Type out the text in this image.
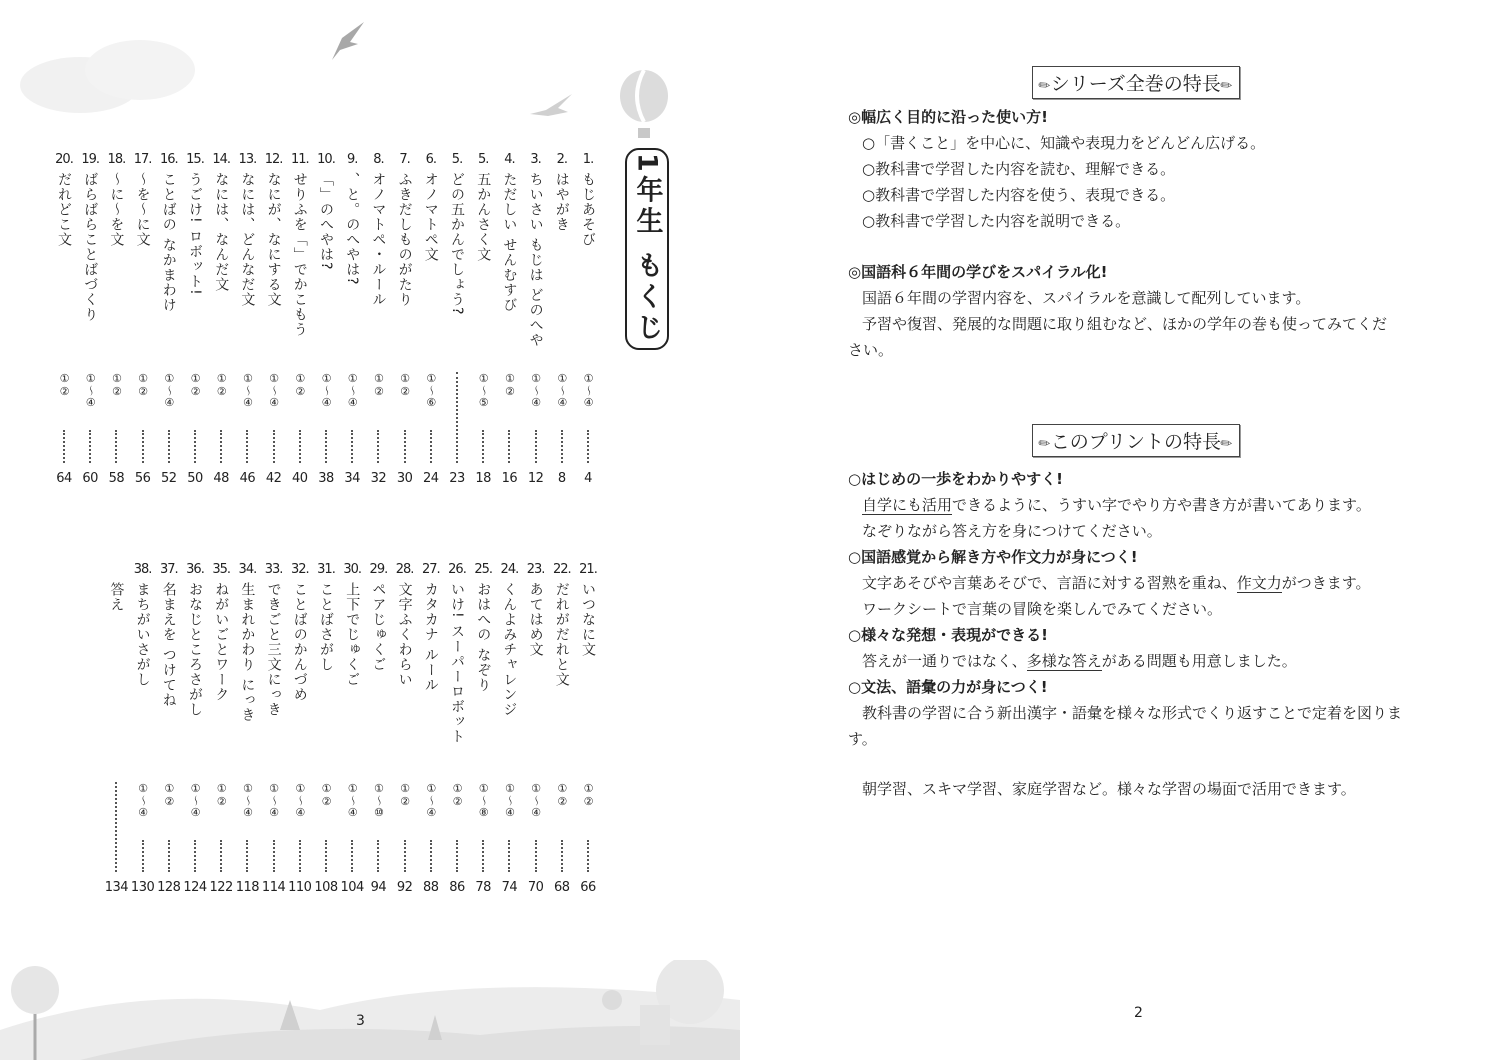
1年生 もくじ
1.
もじあそび
①〜④
4
2.
はやがき
①〜④
8
3.
ちいさい もじは どのへや
①〜④
12
4.
ただしい せんむすび
①②
16
5.
五かんさく文
①〜⑤
18
5.
どの五かんでしょう?
23
6.
オノマトペ文
①〜⑥
24
7.
ふきだしものがたり
①②
30
8.
オノマトペ・ルール
①②
32
9.
、と。のへやは?
①〜④
34
10.
「」のへやは?
①〜④
38
11.
せりふを「」でかこもう
①②
40
12.
なにが、なにする文
①〜④
42
13.
なには、どんなだ文
①〜④
46
14.
なには、なんだ文
①②
48
15.
うごけ! ロボット!
①②
50
16.
ことばの なかまわけ
①〜④
52
17.
〜を〜に文
①②
56
18.
〜に〜を文
①②
58
19.
ばらばらことばづくり
①〜④
60
20.
だれどこ文
①②
64
21.
いつなに文
①②
66
22.
だれがだれと文
①②
68
23.
あてはめ文
①〜④
70
24.
くんよみチャレンジ
①〜④
74
25.
おはへの なぞり
①〜⑧
78
26.
いけ! スーパーロボット
①②
86
27.
カタカナ ルール
①〜④
88
28.
文字ふくわらい
①②
92
29.
ペアじゅくご
①〜⑩
94
30.
上下でじゅくご
①〜④
104
31.
ことばさがし
①②
108
32.
ことばのかんづめ
①〜④
110
33.
できごと三文にっき
①〜④
114
34.
生まれかわり にっき
①〜④
118
35.
ねがいごとワーク
①②
122
36.
おなじところさがし
①〜④
124
37.
名まえを つけてね
①②
128
38.
まちがいさがし
①〜④
130
答え
134
3
✎シリーズ全巻の特長✎
◎幅広く目的に沿った使い方!
○「書くこと」を中心に、知識や表現力をどんどん広げる。
○教科書で学習した内容を読む、理解できる。
○教科書で学習した内容を使う、表現できる。
○教科書で学習した内容を説明できる。
◎国語科６年間の学びをスパイラル化!
国語６年間の学習内容を、スパイラルを意識して配列しています。
予習や復習、発展的な問題に取り組むなど、ほかの学年の巻も使ってみてくだ
さい。
✎このプリントの特長✎
○はじめの一歩をわかりやすく!
自学にも活用できるように、うすい字でやり方や書き方が書いてあります。
なぞりながら答え方を身につけてください。
○国語感覚から解き方や作文力が身につく!
文字あそびや言葉あそびで、言語に対する習熟を重ね、作文力がつきます。
ワークシートで言葉の冒険を楽しんでみてください。
○様々な発想・表現ができる!
答えが一通りではなく、多様な答えがある問題も用意しました。
○文法、語彙の力が身につく!
教科書の学習に合う新出漢字・語彙を様々な形式でくり返すことで定着を図りま
す。
朝学習、スキマ学習、家庭学習など。様々な学習の場面で活用できます。
2
